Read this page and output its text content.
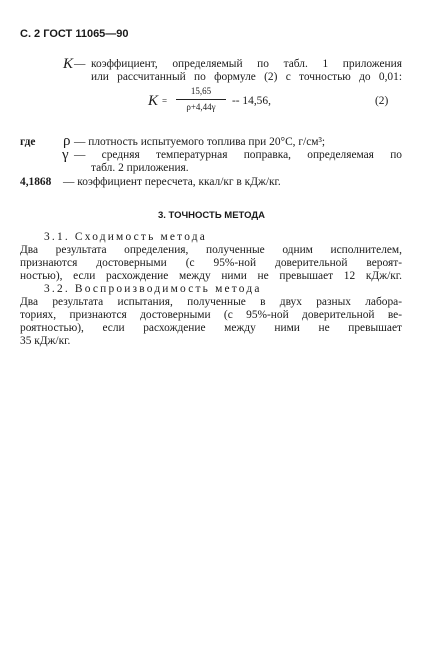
С. 2 ГОСТ 11065—90
K — коэффициент, определяемый по табл. 1 приложения
или рассчитанный по формуле (2) с точностью до 0,01:
K =
15,65
ρ+4,44γ	-- 14,56,	(2)
где ρ — плотность испытуемого топлива при 20°С, г/см³;
γ — средняя температурная поправка, определяемая по
табл. 2 приложения.
4,1868 — коэффициент пересчета, ккал/кг в кДж/кг.
3. ТОЧНОСТЬ МЕТОДА
3.1. Сходимость метода
Два результата определения, полученные одним исполнителем,
признаются достоверными (с 95%-ной доверительной вероят-
ностью), если расхождение между ними не превышает 12 кДж/кг.
3.2. Воспроизводимость метода
Два результата испытания, полученные в двух разных лабора-
ториях, признаются достоверными (с 95%-ной доверительной ве-
роятностью), если расхождение между ними не превышает
35 кДж/кг.
